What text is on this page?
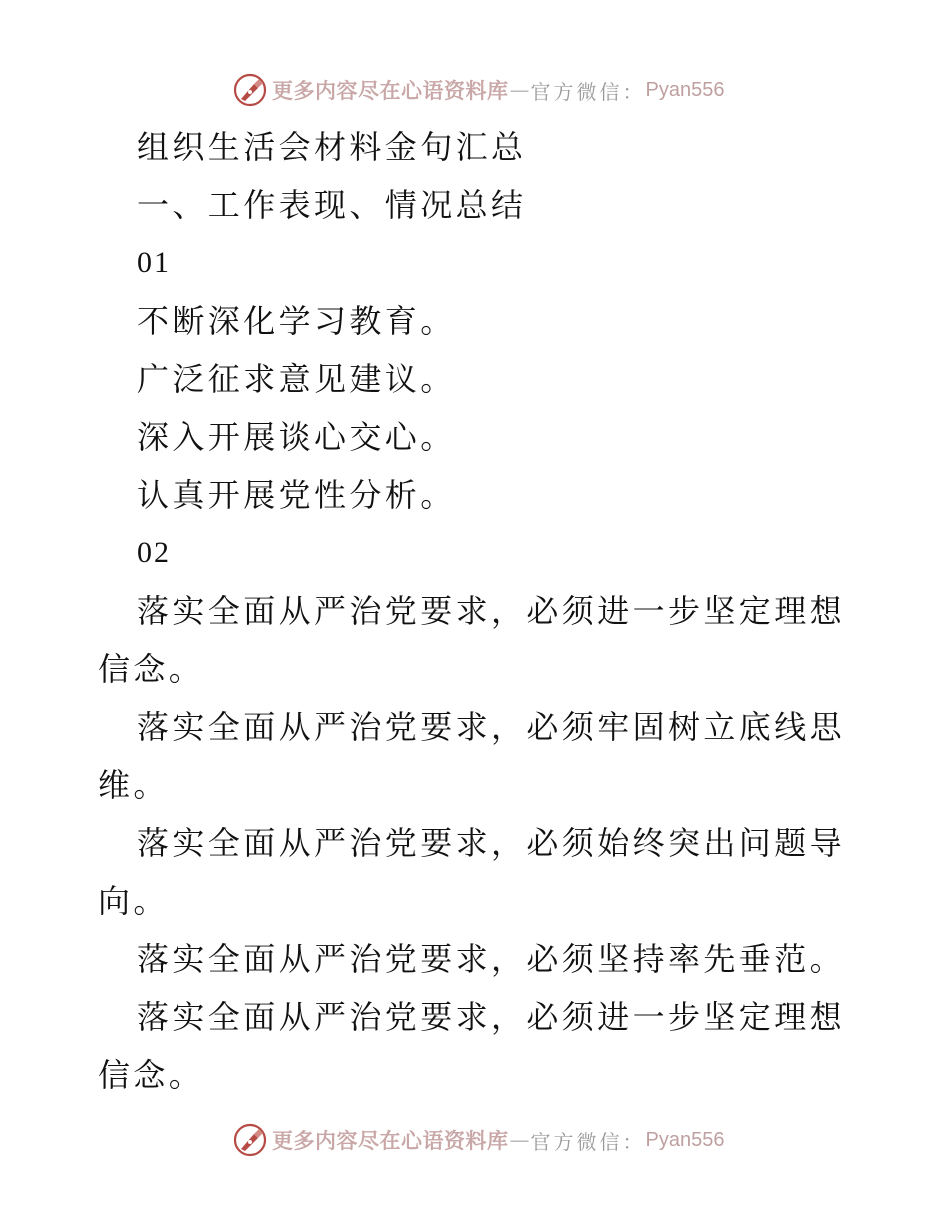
更多内容尽在心语资料库 — 官方微信： Pyan556

组织生活会材料金句汇总

一、工作表现、情况总结

01

不断深化学习教育。

广泛征求意见建议。

深入开展谈心交心。

认真开展党性分析。

02

落实全面从严治党要求，必须进一步坚定理想信念。

落实全面从严治党要求，必须牢固树立底线思维。

落实全面从严治党要求，必须始终突出问题导向。

落实全面从严治党要求，必须坚持率先垂范。

落实全面从严治党要求，必须进一步坚定理想信念。

更多内容尽在心语资料库 — 官方微信： Pyan556
